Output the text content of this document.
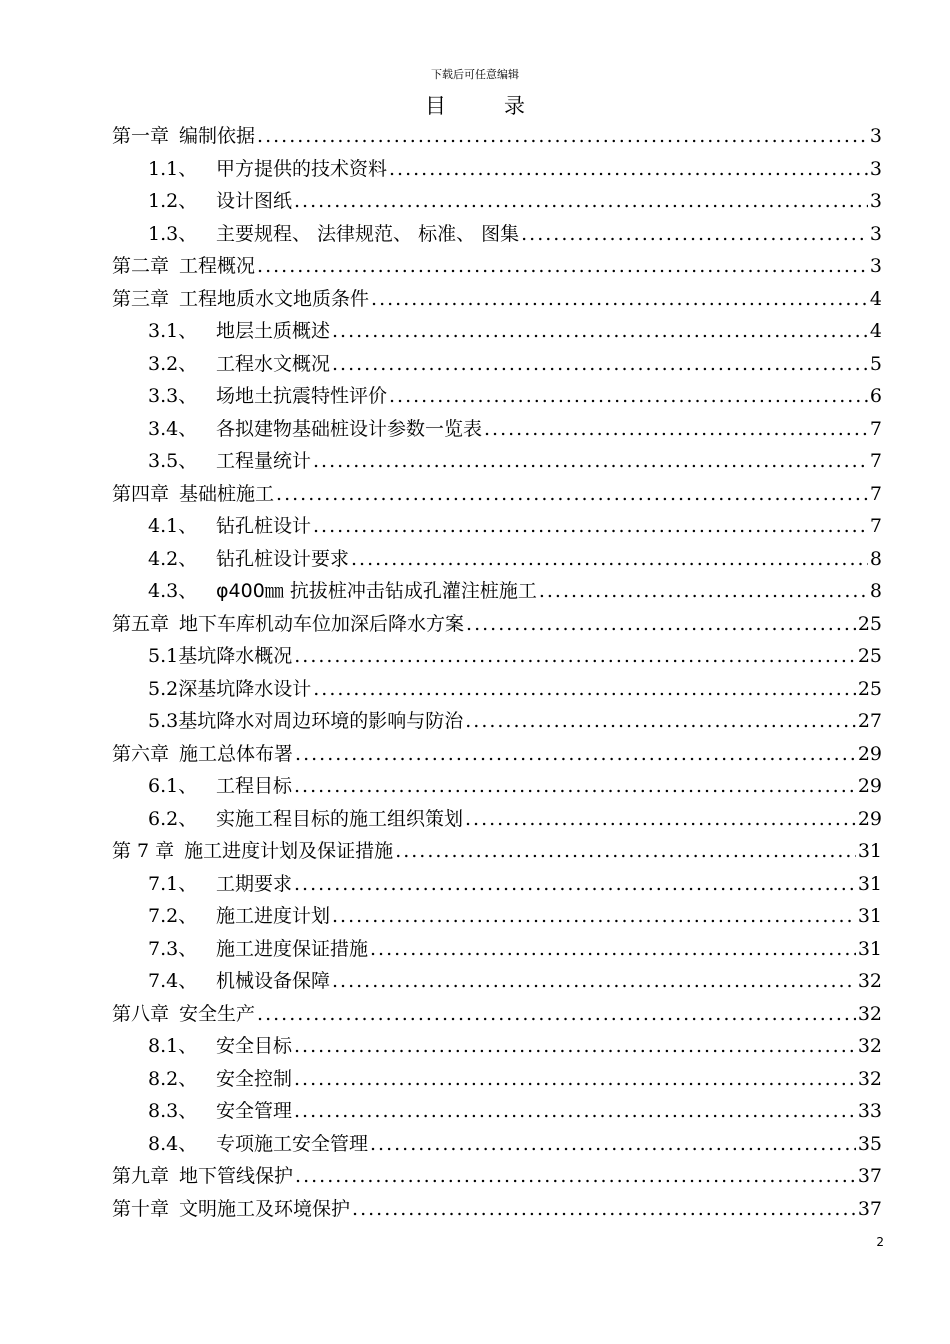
下载后可任意编辑
目录
第一章 编制依据 .....	3
1.1、 甲方提供的技术资料 .....	3
1.2、 设计图纸 .....	3
1.3、 主要规程、 法律规范、 标准、 图集 .....	3
第二章 工程概况 .....	3
第三章 工程地质水文地质条件 .....	4
3.1、 地层土质概述 .....	4
3.2、 工程水文概况 .....	5
3.3、 场地土抗震特性评价 .....	6
3.4、 各拟建物基础桩设计参数一览表 .....	7
3.5、 工程量统计 .....	7
第四章 基础桩施工 .....	7
4.1、 钻孔桩设计 .....	7
4.2、 钻孔桩设计要求 .....	8
4.3、 φ400㎜ 抗拔桩冲击钻成孔灌注桩施工 .....	8
第五章 地下车库机动车位加深后降水方案 .....	25
5.1 基坑降水概况 .....	25
5.2 深基坑降水设计 .....	25
5.3 基坑降水对周边环境的影响与防治 .....	27
第六章 施工总体布署 .....	29
6.1、 工程目标 .....	29
6.2、 实施工程目标的施工组织策划 .....	29
第 7 章 施工进度计划及保证措施 .....	31
7.1、 工期要求 .....	31
7.2、 施工进度计划 .....	31
7.3、 施工进度保证措施 .....	31
7.4、 机械设备保障 .....	32
第八章 安全生产 .....	32
8.1、 安全目标 .....	32
8.2、 安全控制 .....	32
8.3、 安全管理 .....	33
8.4、 专项施工安全管理 .....	35
第九章 地下管线保护 .....	37
第十章 文明施工及环境保护 .....	37
2
